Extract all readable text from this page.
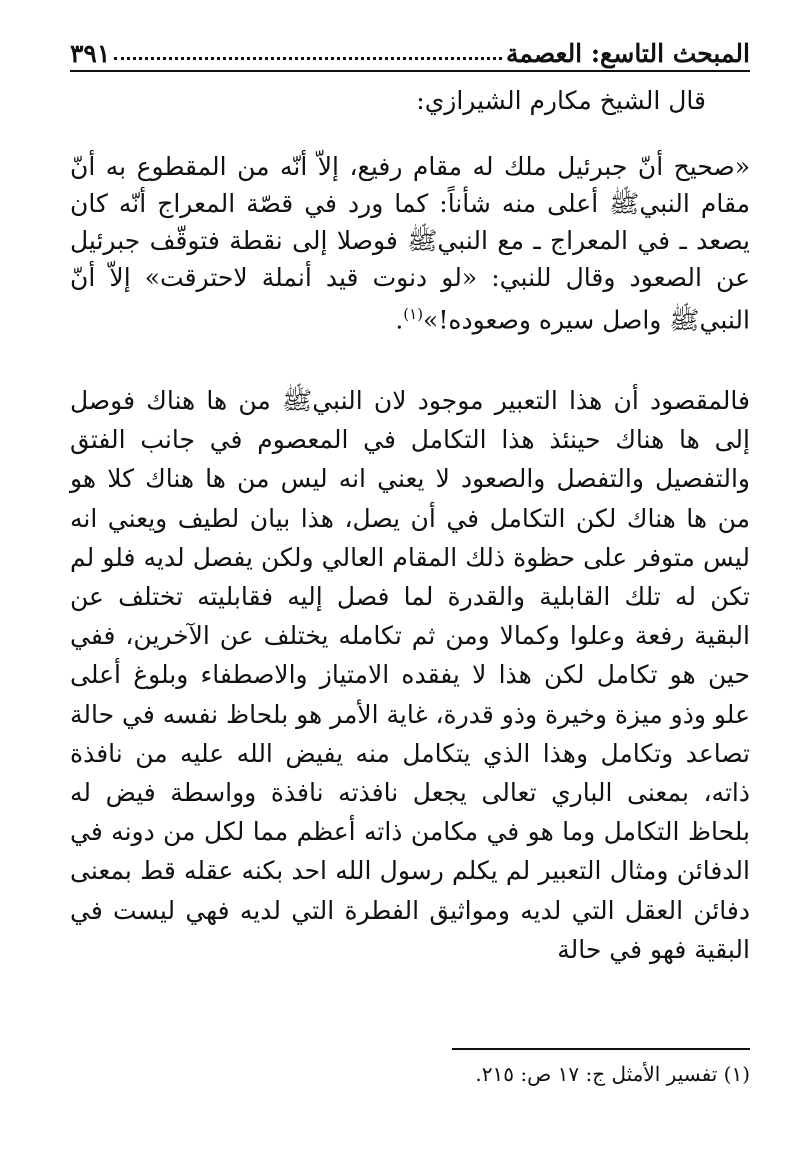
المبحث التاسع: العصمة
٣٩١
قال الشيخ مكارم الشيرازي:

«صحيح أنّ جبرئيل ملك له مقام رفيع، إلاّ أنّه من المقطوع به أنّ مقام النبيﷺ أعلى منه شأناً: كما ورد في قصّة المعراج أنّه كان يصعد ـ في المعراج ـ مع النبيﷺ فوصلا إلى نقطة فتوقّف جبرئيل عن الصعود وقال للنبي: «لو دنوت قيد أنملة لاحترقت» إلاّ أنّ النبيﷺ واصل سيره وصعوده!»$^{(١)}$.

فالمقصود أن هذا التعبير موجود لان النبيﷺ من ها هناك فوصل إلى ها هناك حينئذ هذا التكامل في المعصوم في جانب الفتق والتفصيل والتفصل والصعود لا يعني انه ليس من ها هناك كلا هو من ها هناك لكن التكامل في أن يصل، هذا بيان لطيف ويعني انه ليس متوفر على حظوة ذلك المقام العالي ولكن يفصل لديه فلو لم تكن له تلك القابلية والقدرة لما فصل إليه فقابليته تختلف عن البقية رفعة وعلوا وكمالا ومن ثم تكامله يختلف عن الآخرين، ففي حين هو تكامل لكن هذا لا يفقده الامتياز والاصطفاء وبلوغ أعلى علو وذو ميزة وخيرة وذو قدرة، غاية الأمر هو بلحاظ نفسه في حالة تصاعد وتكامل وهذا الذي يتكامل منه يفيض الله عليه من نافذة ذاته، بمعنى الباري تعالى يجعل نافذته نافذة وواسطة فيض له بلحاظ التكامل وما هو في مكامن ذاته أعظم مما لكل من دونه في الدفائن ومثال التعبير لم يكلم رسول الله احد بكنه عقله قط بمعنى دفائن العقل التي لديه ومواثيق الفطرة التي لديه فهي ليست في البقية فهو في حالة

(١) تفسير الأمثل ج: ١٧ ص: ٢١٥.
